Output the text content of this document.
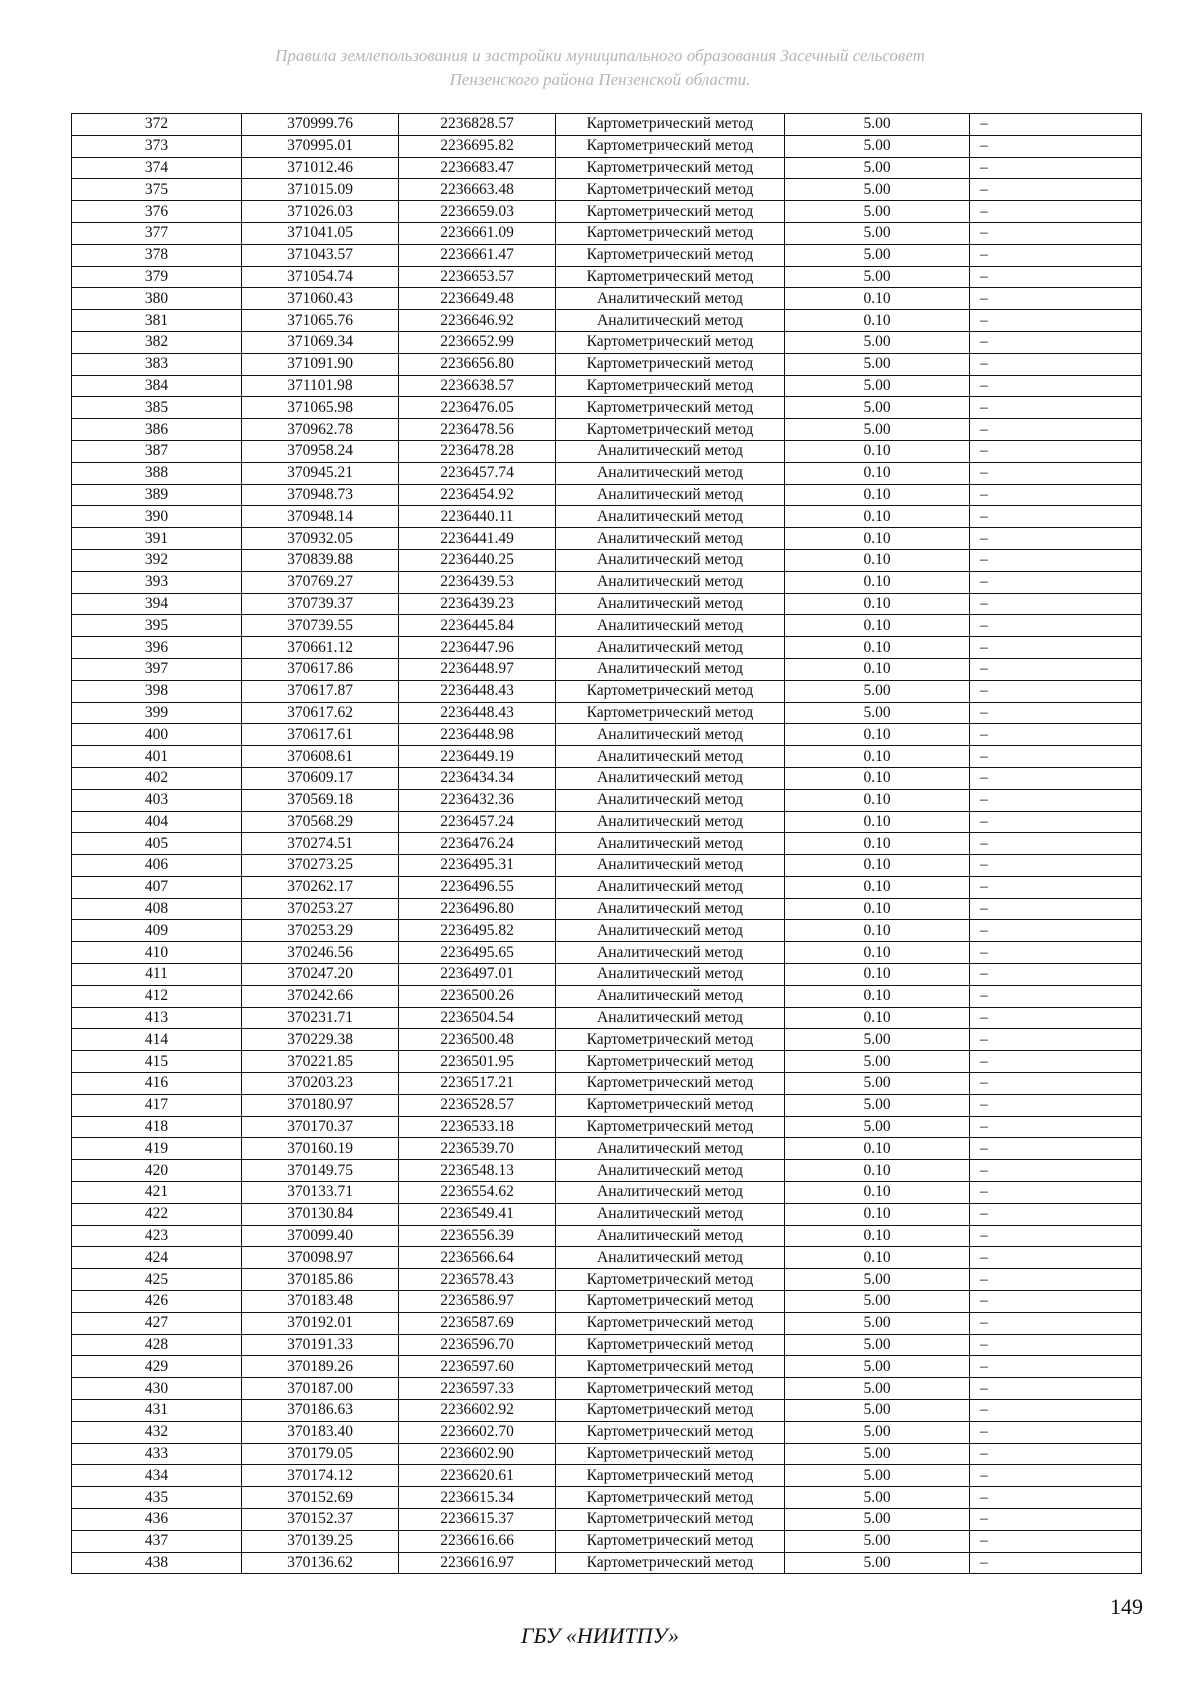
Правила землепользования и застройки муниципального образования Засечный сельсовет
Пензенского района Пензенской области.
372	370999.76	2236828.57	Картометрический метод	5.00	–
373	370995.01	2236695.82	Картометрический метод	5.00	–
374	371012.46	2236683.47	Картометрический метод	5.00	–
375	371015.09	2236663.48	Картометрический метод	5.00	–
376	371026.03	2236659.03	Картометрический метод	5.00	–
377	371041.05	2236661.09	Картометрический метод	5.00	–
378	371043.57	2236661.47	Картометрический метод	5.00	–
379	371054.74	2236653.57	Картометрический метод	5.00	–
380	371060.43	2236649.48	Аналитический метод	0.10	–
381	371065.76	2236646.92	Аналитический метод	0.10	–
382	371069.34	2236652.99	Картометрический метод	5.00	–
383	371091.90	2236656.80	Картометрический метод	5.00	–
384	371101.98	2236638.57	Картометрический метод	5.00	–
385	371065.98	2236476.05	Картометрический метод	5.00	–
386	370962.78	2236478.56	Картометрический метод	5.00	–
387	370958.24	2236478.28	Аналитический метод	0.10	–
388	370945.21	2236457.74	Аналитический метод	0.10	–
389	370948.73	2236454.92	Аналитический метод	0.10	–
390	370948.14	2236440.11	Аналитический метод	0.10	–
391	370932.05	2236441.49	Аналитический метод	0.10	–
392	370839.88	2236440.25	Аналитический метод	0.10	–
393	370769.27	2236439.53	Аналитический метод	0.10	–
394	370739.37	2236439.23	Аналитический метод	0.10	–
395	370739.55	2236445.84	Аналитический метод	0.10	–
396	370661.12	2236447.96	Аналитический метод	0.10	–
397	370617.86	2236448.97	Аналитический метод	0.10	–
398	370617.87	2236448.43	Картометрический метод	5.00	–
399	370617.62	2236448.43	Картометрический метод	5.00	–
400	370617.61	2236448.98	Аналитический метод	0.10	–
401	370608.61	2236449.19	Аналитический метод	0.10	–
402	370609.17	2236434.34	Аналитический метод	0.10	–
403	370569.18	2236432.36	Аналитический метод	0.10	–
404	370568.29	2236457.24	Аналитический метод	0.10	–
405	370274.51	2236476.24	Аналитический метод	0.10	–
406	370273.25	2236495.31	Аналитический метод	0.10	–
407	370262.17	2236496.55	Аналитический метод	0.10	–
408	370253.27	2236496.80	Аналитический метод	0.10	–
409	370253.29	2236495.82	Аналитический метод	0.10	–
410	370246.56	2236495.65	Аналитический метод	0.10	–
411	370247.20	2236497.01	Аналитический метод	0.10	–
412	370242.66	2236500.26	Аналитический метод	0.10	–
413	370231.71	2236504.54	Аналитический метод	0.10	–
414	370229.38	2236500.48	Картометрический метод	5.00	–
415	370221.85	2236501.95	Картометрический метод	5.00	–
416	370203.23	2236517.21	Картометрический метод	5.00	–
417	370180.97	2236528.57	Картометрический метод	5.00	–
418	370170.37	2236533.18	Картометрический метод	5.00	–
419	370160.19	2236539.70	Аналитический метод	0.10	–
420	370149.75	2236548.13	Аналитический метод	0.10	–
421	370133.71	2236554.62	Аналитический метод	0.10	–
422	370130.84	2236549.41	Аналитический метод	0.10	–
423	370099.40	2236556.39	Аналитический метод	0.10	–
424	370098.97	2236566.64	Аналитический метод	0.10	–
425	370185.86	2236578.43	Картометрический метод	5.00	–
426	370183.48	2236586.97	Картометрический метод	5.00	–
427	370192.01	2236587.69	Картометрический метод	5.00	–
428	370191.33	2236596.70	Картометрический метод	5.00	–
429	370189.26	2236597.60	Картометрический метод	5.00	–
430	370187.00	2236597.33	Картометрический метод	5.00	–
431	370186.63	2236602.92	Картометрический метод	5.00	–
432	370183.40	2236602.70	Картометрический метод	5.00	–
433	370179.05	2236602.90	Картометрический метод	5.00	–
434	370174.12	2236620.61	Картометрический метод	5.00	–
435	370152.69	2236615.34	Картометрический метод	5.00	–
436	370152.37	2236615.37	Картометрический метод	5.00	–
437	370139.25	2236616.66	Картометрический метод	5.00	–
438	370136.62	2236616.97	Картометрический метод	5.00	–
149
ГБУ «НИИТПУ»
